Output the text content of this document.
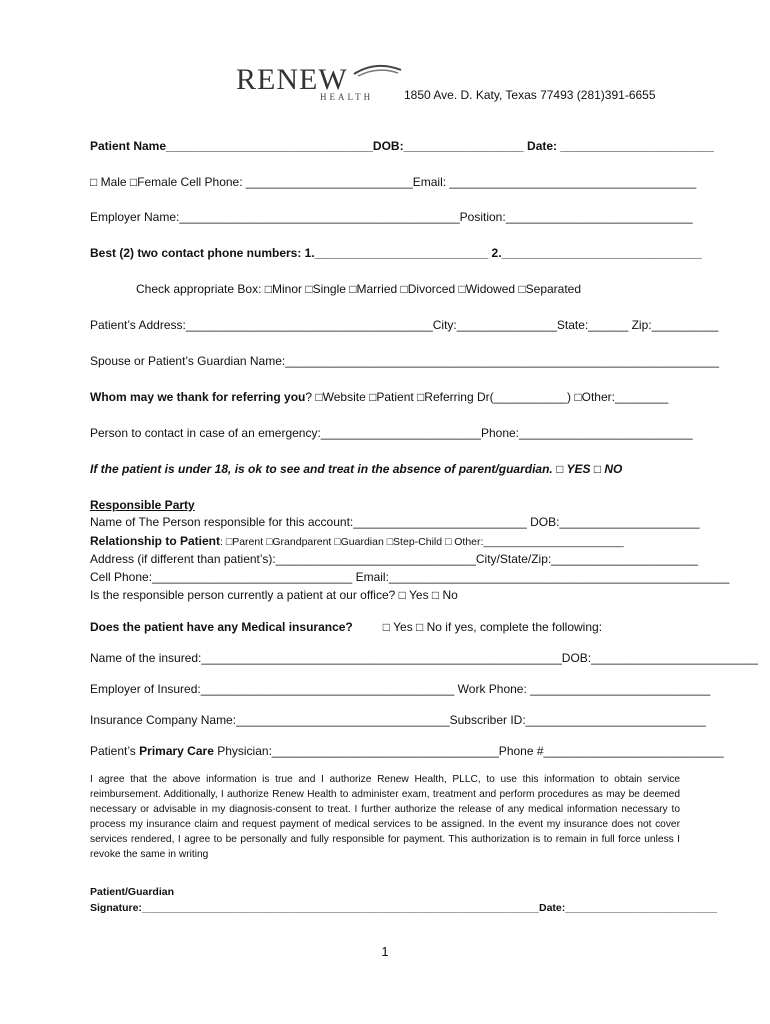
RENEW
HEALTH	1850 Ave. D. Katy, Texas 77493 (281)391-6655
Patient Name_______________________________DOB:__________________ Date: _______________________
□ Male □Female Cell Phone: _________________________Email: _____________________________________
Employer Name:__________________________________________Position:____________________________
Best (2) two contact phone numbers: 1.__________________________ 2.______________________________
Check appropriate Box: □Minor □Single □Married □Divorced □Widowed □Separated
Patient’s Address:_____________________________________City:_______________State:______ Zip:__________
Spouse or Patient’s Guardian Name:_________________________________________________________________
Whom may we thank for referring you? □Website □Patient □Referring Dr(___________) □Other:________
Person to contact in case of an emergency:________________________Phone:__________________________
If the patient is under 18, is ok to see and treat in the absence of parent/guardian. □ YES □ NO
Responsible Party
Name of The Person responsible for this account:__________________________ DOB:_____________________
Relationship to Patient: □Parent □Grandparent □Guardian □Step-Child □ Other:________________________
Address (if different than patient’s):______________________________City/State/Zip:______________________
Cell Phone:______________________________ Email:___________________________________________________
Is the responsible person currently a patient at our office? □ Yes □ No
Does the patient have any Medical insurance?	□ Yes □ No if yes, complete the following:
Name of the insured:______________________________________________________DOB:_________________________
Employer of Insured:______________________________________ Work Phone: ___________________________
Insurance Company Name:________________________________Subscriber ID:___________________________
Patient’s Primary Care Physician:__________________________________Phone #___________________________
I agree that the above information is true and I authorize Renew Health, PLLC, to use this information to obtain service reimbursement. Additionally, I authorize Renew Health to administer exam, treatment and perform procedures as may be deemed necessary or advisable in my diagnosis-consent to treat. I further authorize the release of any medical information necessary to process my insurance claim and request payment of medical services to be assigned. In the event my insurance does not cover services rendered, I agree to be personally and fully responsible for payment. This authorization is to remain in full force unless I revoke the same in writing
Patient/Guardian
Signature:____________________________________________________________________Date:__________________________
1
